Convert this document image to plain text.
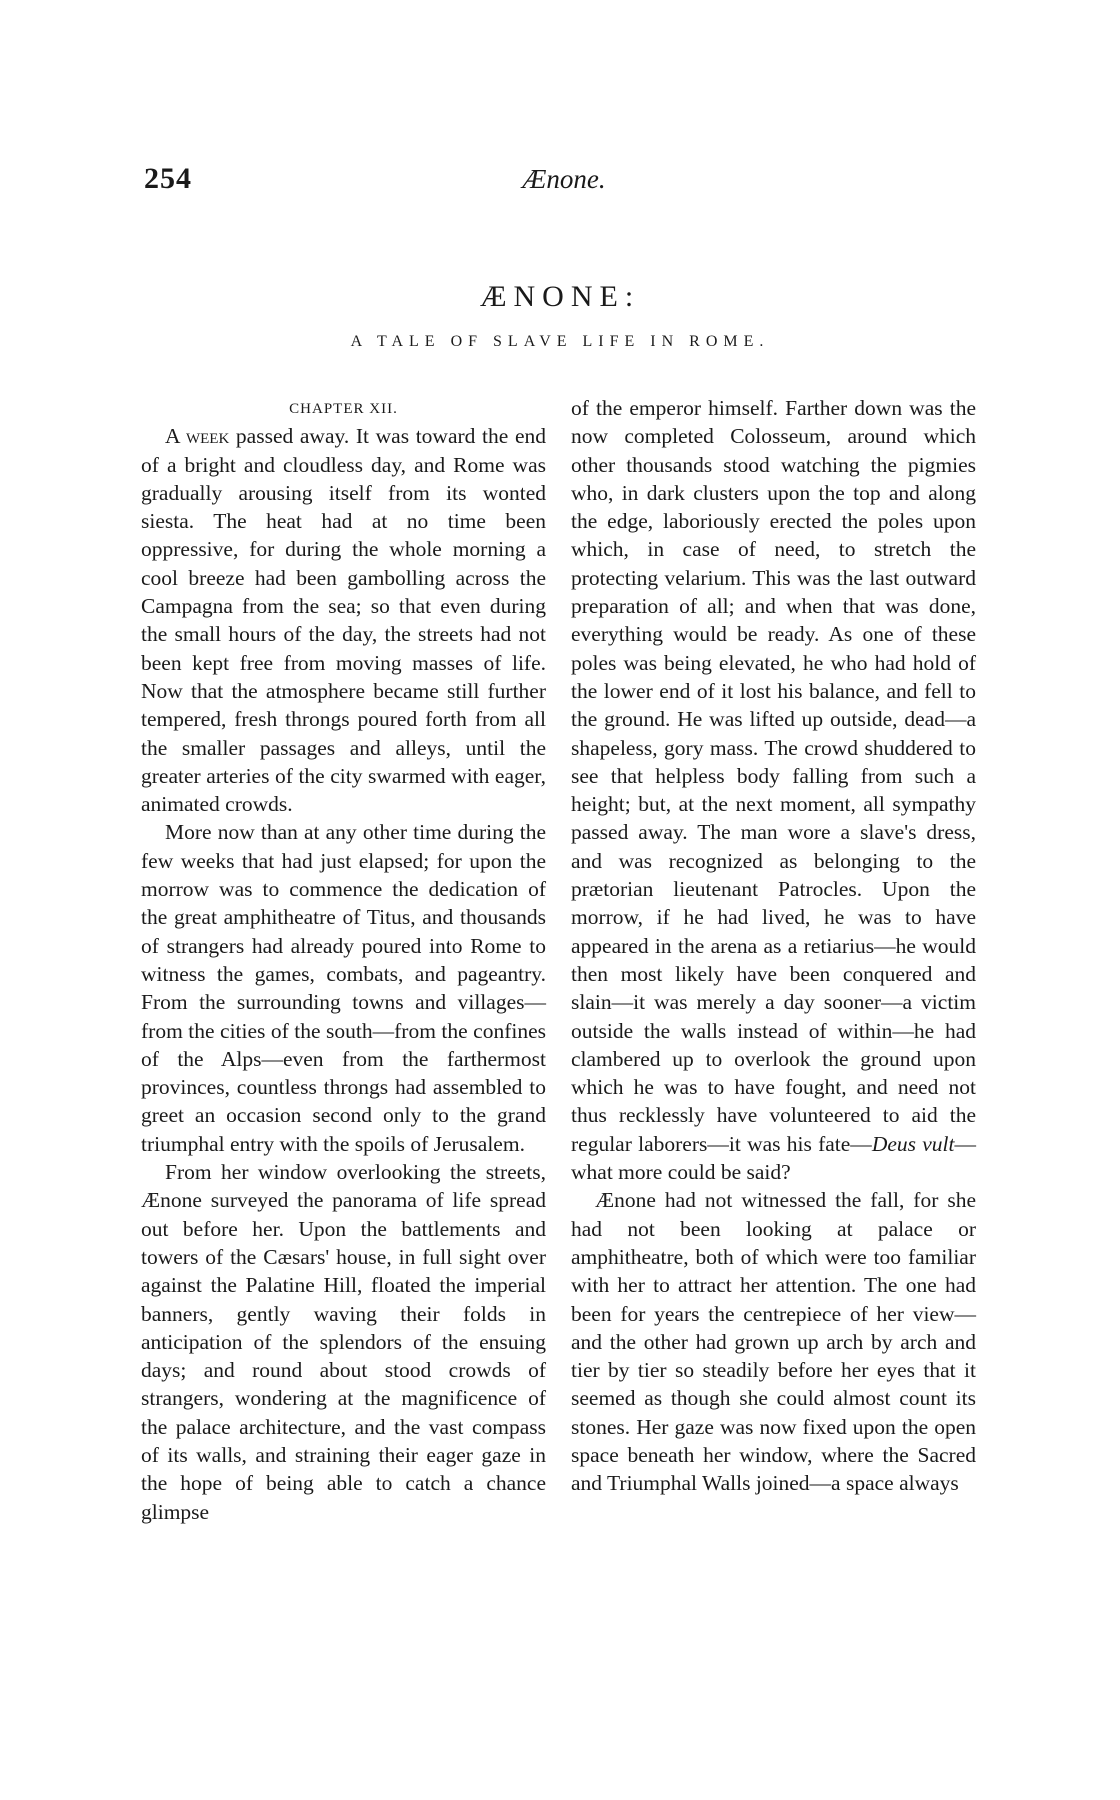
254	Ænone.
ÆNONE:
A TALE OF SLAVE LIFE IN ROME.
CHAPTER XII.

A week passed away. It was toward the end of a bright and cloudless day, and Rome was gradually arousing itself from its wonted siesta. The heat had at no time been oppressive, for during the whole morning a cool breeze had been gambolling across the Campagna from the sea; so that even during the small hours of the day, the streets had not been kept free from moving masses of life. Now that the atmosphere became still further tempered, fresh throngs poured forth from all the smaller passages and alleys, until the greater arteries of the city swarmed with eager, animated crowds.

More now than at any other time during the few weeks that had just elapsed; for upon the morrow was to commence the dedication of the great amphitheatre of Titus, and thousands of strangers had already poured into Rome to witness the games, combats, and pageantry. From the surrounding towns and villages—from the cities of the south—from the confines of the Alps—even from the farthermost provinces, countless throngs had assembled to greet an occasion second only to the grand triumphal entry with the spoils of Jerusalem.

From her window overlooking the streets, Ænone surveyed the panorama of life spread out before her. Upon the battlements and towers of the Cæsars' house, in full sight over against the Palatine Hill, floated the imperial banners, gently waving their folds in anticipation of the splendors of the ensuing days; and round about stood crowds of strangers, wondering at the magnificence of the palace architecture, and the vast compass of its walls, and straining their eager gaze in the hope of being able to catch a chance glimpse

of the emperor himself. Farther down was the now completed Colosseum, around which other thousands stood watching the pigmies who, in dark clusters upon the top and along the edge, laboriously erected the poles upon which, in case of need, to stretch the protecting velarium. This was the last outward preparation of all; and when that was done, everything would be ready. As one of these poles was being elevated, he who had hold of the lower end of it lost his balance, and fell to the ground. He was lifted up outside, dead—a shapeless, gory mass. The crowd shuddered to see that helpless body falling from such a height; but, at the next moment, all sympathy passed away. The man wore a slave's dress, and was recognized as belonging to the prætorian lieutenant Patrocles. Upon the morrow, if he had lived, he was to have appeared in the arena as a retiarius—he would then most likely have been conquered and slain—it was merely a day sooner—a victim outside the walls instead of within—he had clambered up to overlook the ground upon which he was to have fought, and need not thus recklessly have volunteered to aid the regular laborers—it was his fate—Deus vult—what more could be said?

Ænone had not witnessed the fall, for she had not been looking at palace or amphitheatre, both of which were too familiar with her to attract her attention. The one had been for years the centrepiece of her view—and the other had grown up arch by arch and tier by tier so steadily before her eyes that it seemed as though she could almost count its stones. Her gaze was now fixed upon the open space beneath her window, where the Sacred and Triumphal Walls joined—a space always
